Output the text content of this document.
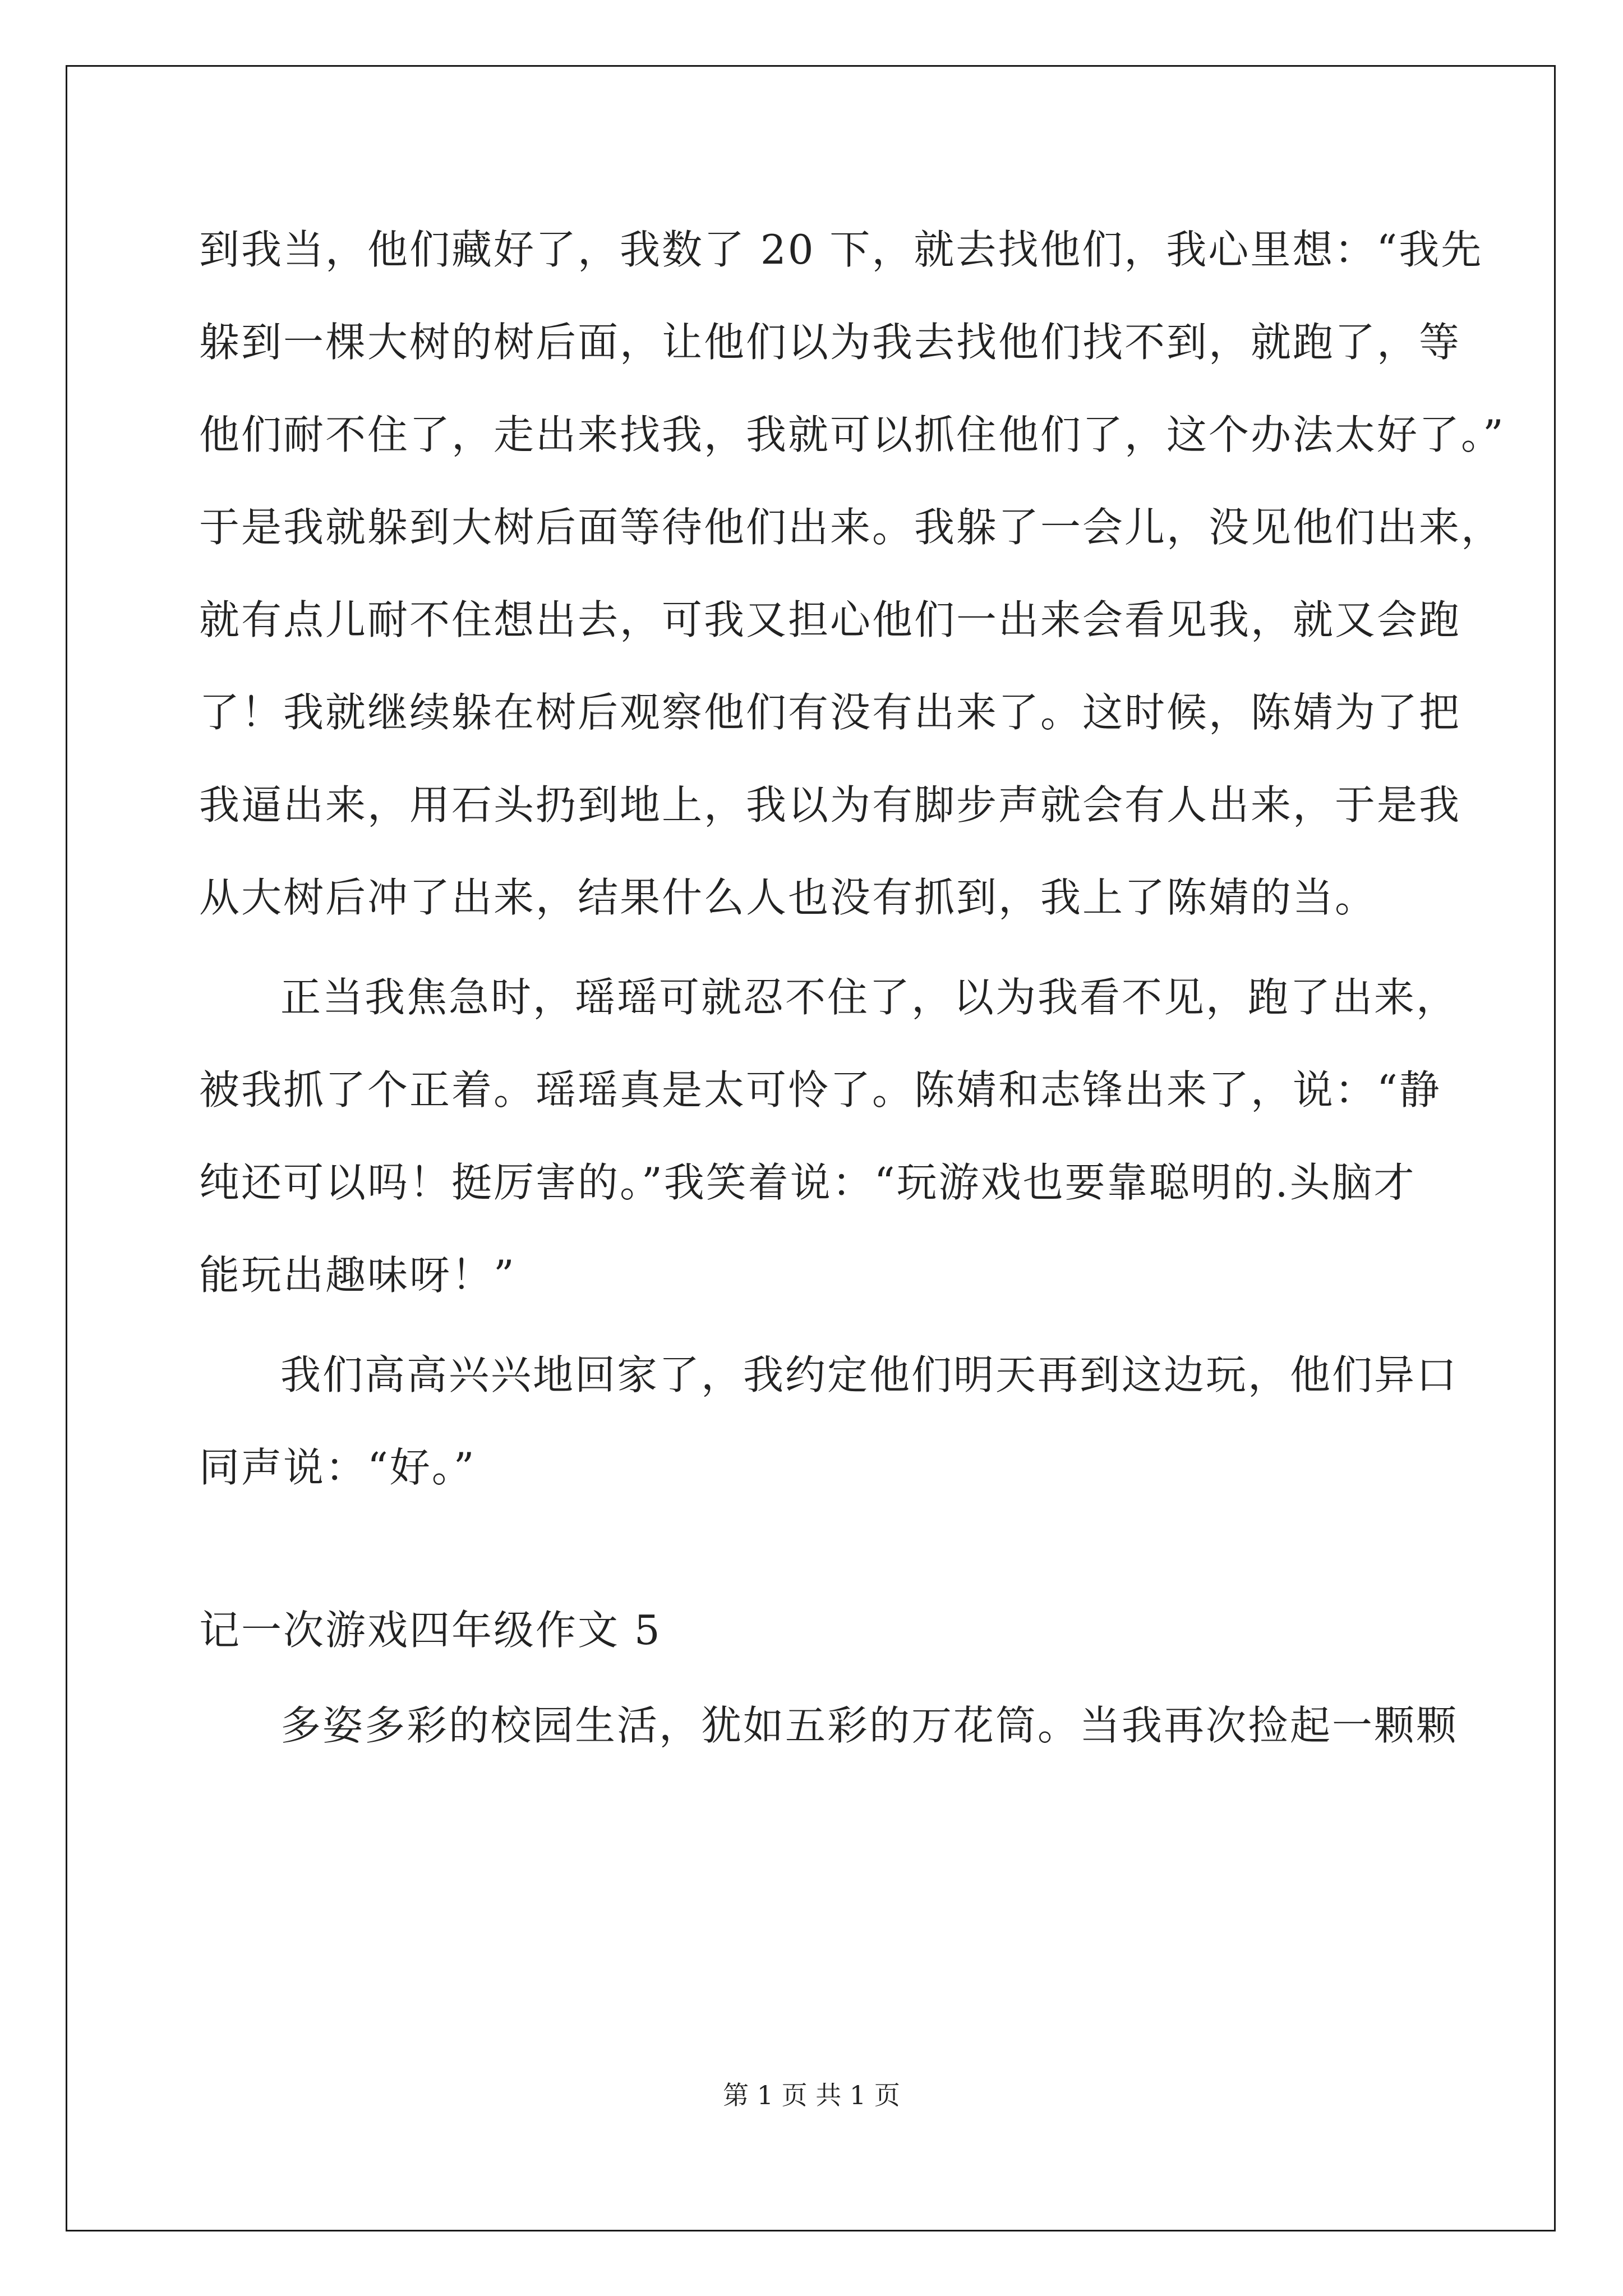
到我当，他们藏好了，我数了 20 下，就去找他们，我心里想：“我先
躲到一棵大树的树后面，让他们以为我去找他们找不到，就跑了，等
他们耐不住了，走出来找我，我就可以抓住他们了，这个办法太好了。”
于是我就躲到大树后面等待他们出来。我躲了一会儿，没见他们出来，
就有点儿耐不住想出去，可我又担心他们一出来会看见我，就又会跑
了！我就继续躲在树后观察他们有没有出来了。这时候，陈婧为了把
我逼出来，用石头扔到地上，我以为有脚步声就会有人出来，于是我
从大树后冲了出来，结果什么人也没有抓到，我上了陈婧的当。
正当我焦急时，瑶瑶可就忍不住了，以为我看不见，跑了出来，
被我抓了个正着。瑶瑶真是太可怜了。陈婧和志锋出来了，说：“静
纯还可以吗！挺厉害的。”我笑着说：“玩游戏也要靠聪明的.头脑才
能玩出趣味呀！”
我们高高兴兴地回家了，我约定他们明天再到这边玩，他们异口
同声说：“好。”
记一次游戏四年级作文 5
多姿多彩的校园生活，犹如五彩的万花筒。当我再次捡起一颗颗
第 1 页 共 1 页
